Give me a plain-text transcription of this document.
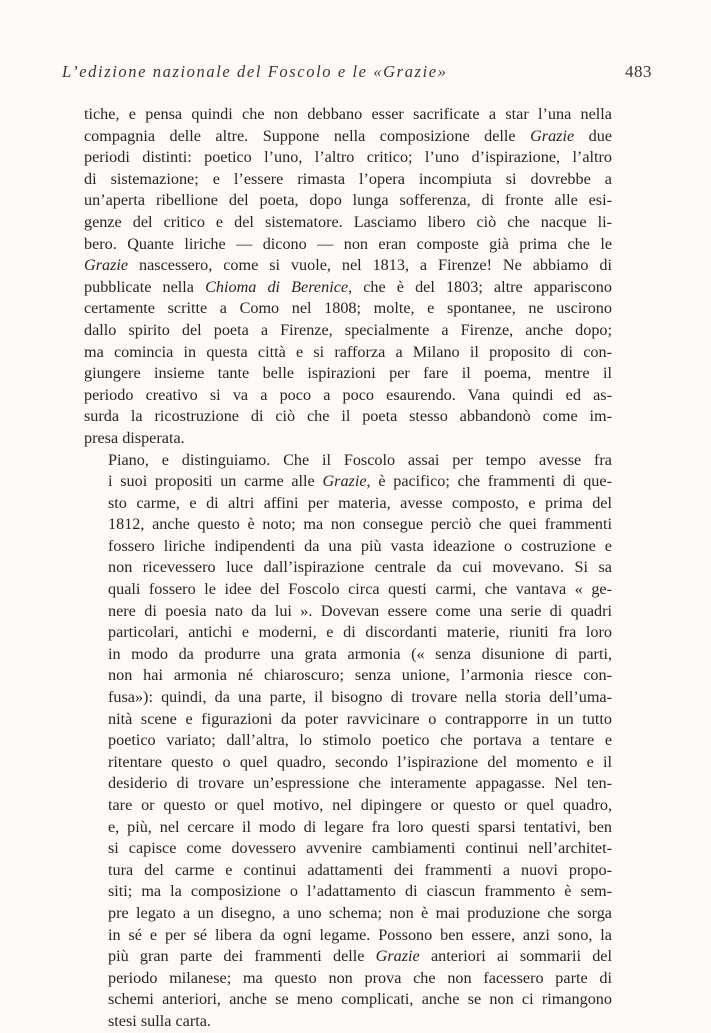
L’edizione nazionale del Foscolo e le «Grazie»	483

tiche, e pensa quindi che non debbano esser sacrificate a star l’una nella
compagnia delle altre. Suppone nella composizione delle Grazie due
periodi distinti: poetico l’uno, l’altro critico; l’uno d’ispirazione, l’altro
di sistemazione; e l’essere rimasta l’opera incompiuta si dovrebbe a
un’aperta ribellione del poeta, dopo lunga sofferenza, di fronte alle esi-
genze del critico e del sistematore. Lasciamo libero ciò che nacque li-
bero. Quante liriche — dicono — non eran composte già prima che le
Grazie nascessero, come si vuole, nel 1813, a Firenze! Ne abbiamo di
pubblicate nella Chioma di Berenice, che è del 1803; altre appariscono
certamente scritte a Como nel 1808; molte, e spontanee, ne uscirono
dallo spirito del poeta a Firenze, specialmente a Firenze, anche dopo;
ma comincia in questa città e si rafforza a Milano il proposito di con-
giungere insieme tante belle ispirazioni per fare il poema, mentre il
periodo creativo si va a poco a poco esaurendo. Vana quindi ed as-
surda la ricostruzione di ciò che il poeta stesso abbandonò come im-
presa disperata.

Piano, e distinguiamo. Che il Foscolo assai per tempo avesse fra
i suoi propositi un carme alle Grazie, è pacifico; che frammenti di que-
sto carme, e di altri affini per materia, avesse composto, e prima del
1812, anche questo è noto; ma non consegue perciò che quei frammenti
fossero liriche indipendenti da una più vasta ideazione o costruzione e
non ricevessero luce dall’ispirazione centrale da cui movevano. Si sa
quali fossero le idee del Foscolo circa questi carmi, che vantava « ge-
nere di poesia nato da lui ». Dovevan essere come una serie di quadri
particolari, antichi e moderni, e di discordanti materie, riuniti fra loro
in modo da produrre una grata armonia (« senza disunione di parti,
non hai armonia né chiaroscuro; senza unione, l’armonia riesce con-
fusa»): quindi, da una parte, il bisogno di trovare nella storia dell’uma-
nità scene e figurazioni da poter ravvicinare o contrapporre in un tutto
poetico variato; dall’altra, lo stimolo poetico che portava a tentare e
ritentare questo o quel quadro, secondo l’ispirazione del momento e il
desiderio di trovare un’espressione che interamente appagasse. Nel ten-
tare or questo or quel motivo, nel dipingere or questo or quel quadro,
e, più, nel cercare il modo di legare fra loro questi sparsi tentativi, ben
si capisce come dovessero avvenire cambiamenti continui nell’architet-
tura del carme e continui adattamenti dei frammenti a nuovi propo-
siti; ma la composizione o l’adattamento di ciascun frammento è sem-
pre legato a un disegno, a uno schema; non è mai produzione che sorga
in sé e per sé libera da ogni legame. Possono ben essere, anzi sono, la
più gran parte dei frammenti delle Grazie anteriori ai sommarii del
periodo milanese; ma questo non prova che non facessero parte di
schemi anteriori, anche se meno complicati, anche se non ci rimangono
stesi sulla carta.
